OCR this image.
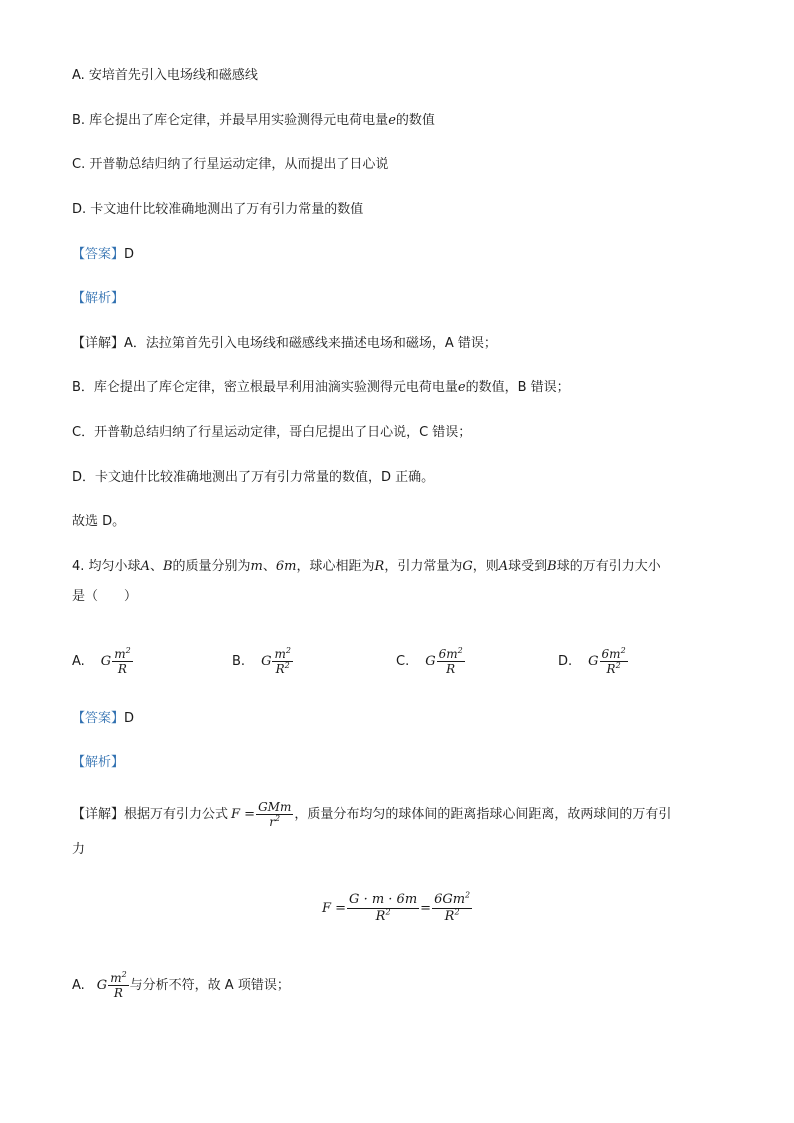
A. 安培首先引入电场线和磁感线
B. 库仑提出了库仑定律，并最早用实验测得元电荷电量e的数值
C. 开普勒总结归纳了行星运动定律，从而提出了日心说
D. 卡文迪什比较准确地测出了万有引力常量的数值
【答案】D
【解析】
【详解】A．法拉第首先引入电场线和磁感线来描述电场和磁场，A 错误；
B．库仑提出了库仑定律，密立根最早利用油滴实验测得元电荷电量e的数值，B 错误；
C．开普勒总结归纳了行星运动定律，哥白尼提出了日心说，C 错误；
D．卡文迪什比较准确地测出了万有引力常量的数值，D 正确。
故选 D。
4. 均匀小球A、B的质量分别为m、6m，球心相距为R，引力常量为G，则A球受到B球的万有引力大小
是（　　）
A. G $\frac{m^2}{R}$	B. G $\frac{m^2}{R^2}$	C. G $\frac{6m^2}{R}$	D. G $\frac{6m^2}{R^2}$
【答案】D
【解析】
【详解】根据万有引力公式 $F = \frac{\text{GMm}}{r^2}$ ，质量分布均匀的球体间的距离指球心间距离，故两球间的万有引
力
$F = \frac{G \cdot m \cdot 6m}{R^2} = \frac{6Gm^2}{R^2}$
A. G $\frac{m^2}{R}$ 与分析不符，故 A 项错误；
